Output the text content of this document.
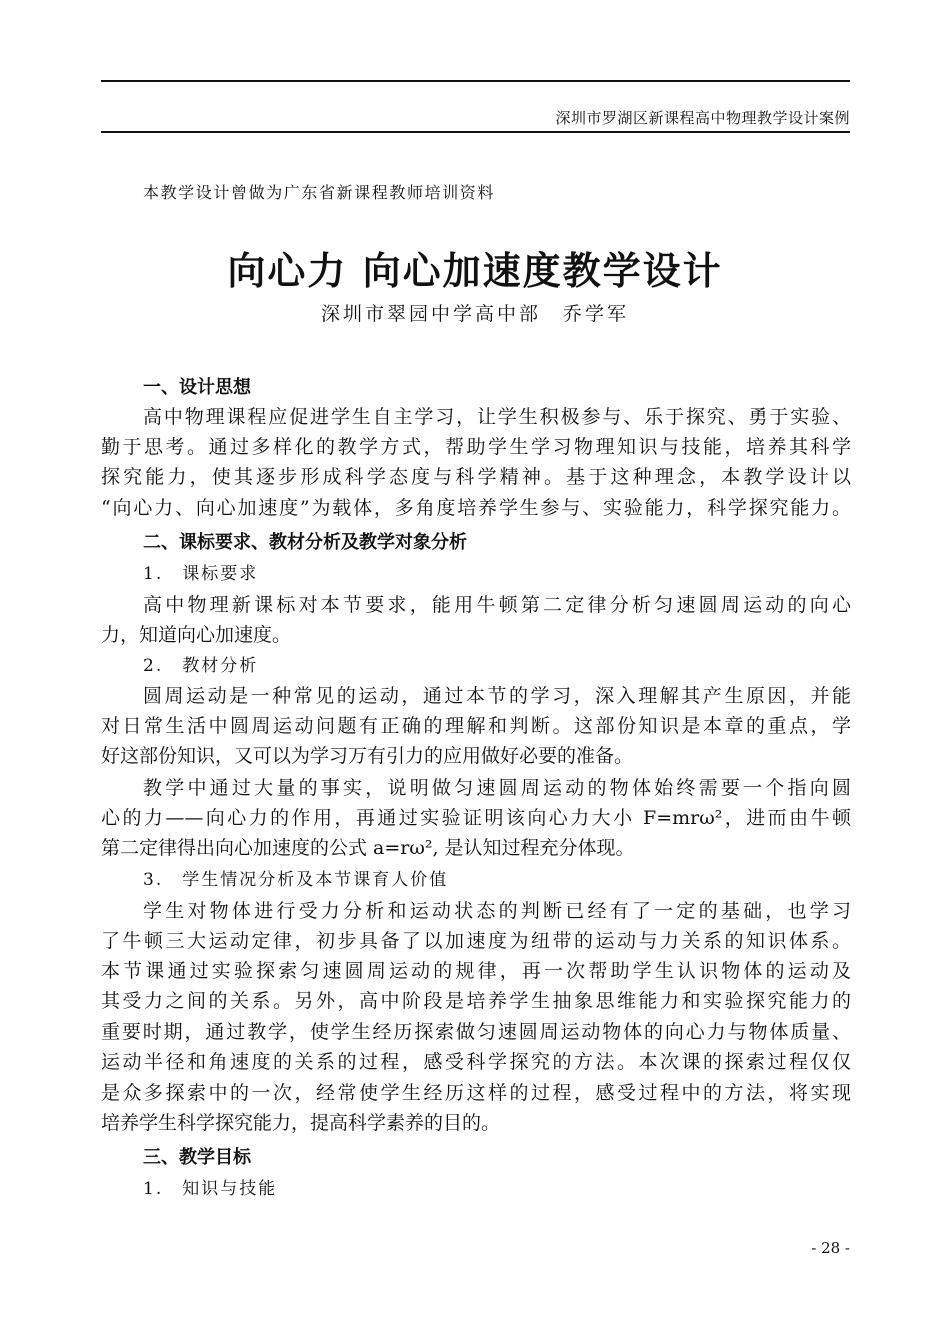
深圳市罗湖区新课程高中物理教学设计案例
本教学设计曾做为广东省新课程教师培训资料
向心力 向心加速度教学设计
深圳市翠园中学高中部　乔学军
一、设计思想
高中物理课程应促进学生自主学习，让学生积极参与、乐于探究、勇于实验、
勤于思考。通过多样化的教学方式，帮助学生学习物理知识与技能，培养其科学
探究能力，使其逐步形成科学态度与科学精神。基于这种理念，本教学设计以
“向心力、向心加速度”为载体，多角度培养学生参与、实验能力，科学探究能力。
二、课标要求、教材分析及教学对象分析
1.　课标要求
高中物理新课标对本节要求，能用牛顿第二定律分析匀速圆周运动的向心
力，知道向心加速度。
2.　教材分析
圆周运动是一种常见的运动，通过本节的学习，深入理解其产生原因，并能
对日常生活中圆周运动问题有正确的理解和判断。这部份知识是本章的重点，学
好这部份知识，又可以为学习万有引力的应用做好必要的准备。
教学中通过大量的事实，说明做匀速圆周运动的物体始终需要一个指向圆
心的力——向心力的作用，再通过实验证明该向心力大小 F=mrω²，进而由牛顿
第二定律得出向心加速度的公式 a=rω², 是认知过程充分体现。
3.　学生情况分析及本节课育人价值
学生对物体进行受力分析和运动状态的判断已经有了一定的基础，也学习
了牛顿三大运动定律，初步具备了以加速度为纽带的运动与力关系的知识体系。
本节课通过实验探索匀速圆周运动的规律，再一次帮助学生认识物体的运动及
其受力之间的关系。另外，高中阶段是培养学生抽象思维能力和实验探究能力的
重要时期，通过教学，使学生经历探索做匀速圆周运动物体的向心力与物体质量、
运动半径和角速度的关系的过程，感受科学探究的方法。本次课的探索过程仅仅
是众多探索中的一次，经常使学生经历这样的过程，感受过程中的方法，将实现
培养学生科学探究能力，提高科学素养的目的。
三、教学目标
1.　知识与技能
- 28 -
